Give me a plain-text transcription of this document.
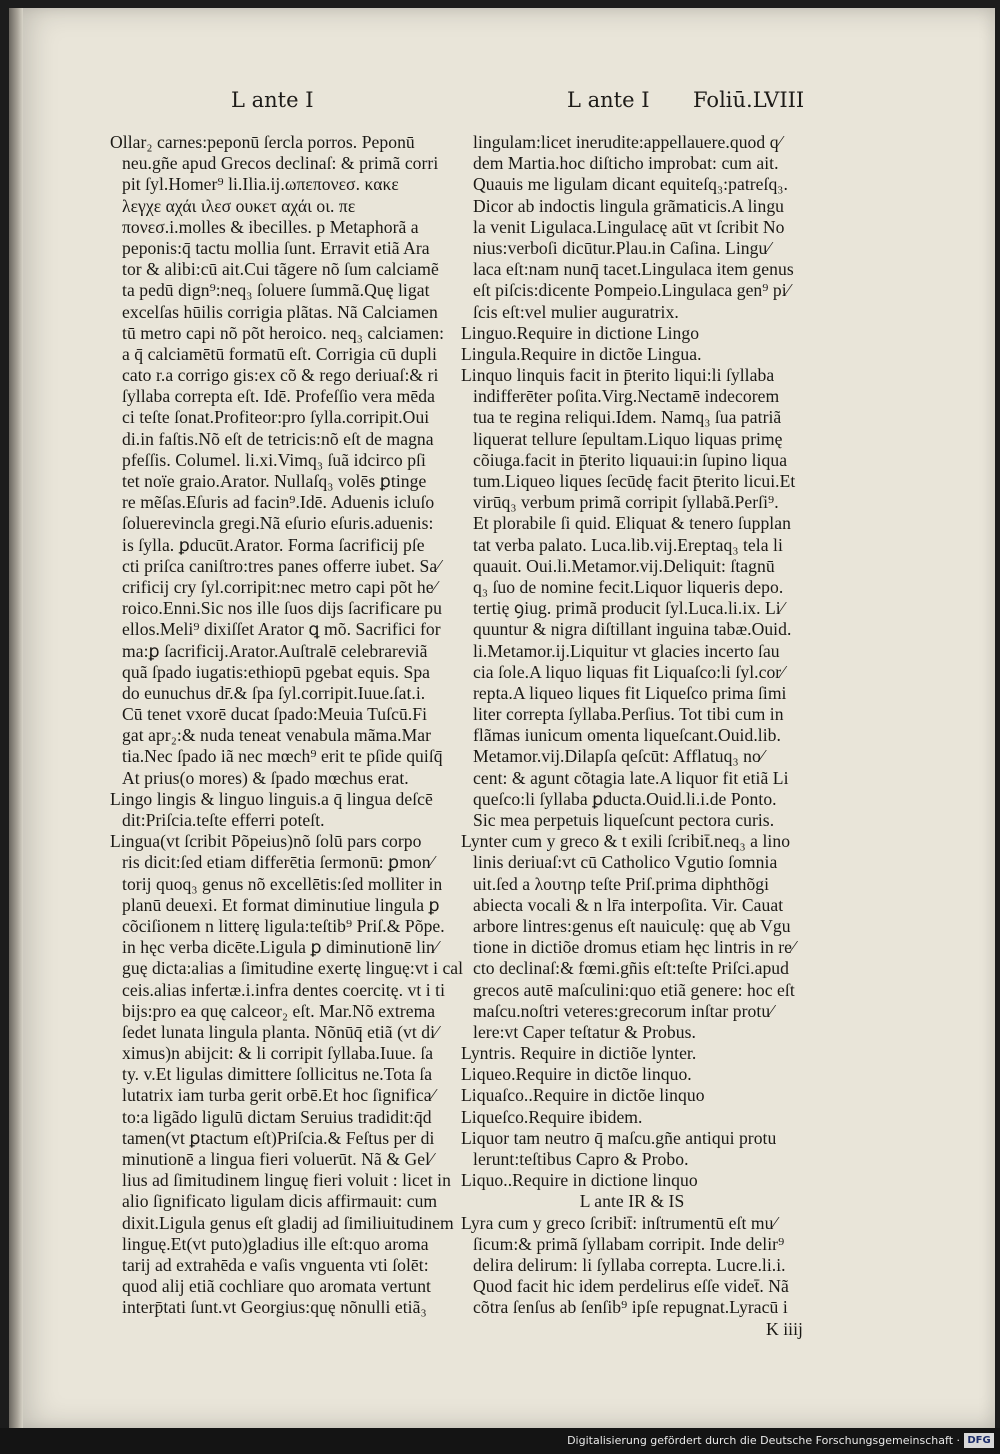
L ante I	L ante I Foliū.LVIII
Ollar₂ carnes:peponū ſercla porros. Peponū
neu.gñe apud Grecos declinaſ: & primã corri
pit ſyl.Homer⁹ li.Ilia.ij.ωπεπονεσ. κακε
λεγχε αχάι ιλεσ ουκετ αχάι οι. πε
πονεσ.i.molles & ibecilles. p Metaphorã a
peponis:q̄ tactu mollia ſunt. Erravit etiã Ara
tor & alibi:cū ait.Cui tãgere nõ ſum calciamẽ
ta pedū dign⁹:neq₃ ſoluere ſummã.Quę ligat
excelſas hūilis corrigia plãtas. Nã Calciamen
tū metro capi nõ põt heroico. neq₃ calciamen:
a q̄ calciamētū formatū eſt. Corrigia cū dupli
cato r.a corrigo gis:ex cõ & rego deriuaſ:& ri
ſyllaba correpta eſt. Idē. Profeſſio vera mēda
ci teſte ſonat.Profiteor:pro ſylla.corripit.Oui
di.in faſtis.Nõ eſt de tetricis:nõ eſt de magna
pfeſſis. Columel. li.xi.Vimq₃ ſuã idcirco pſi
tet noïe graio.Arator. Nullaſq₃ volēs ꝑtinge
re mẽſas.Eſuris ad facin⁹.Idē. Aduenis icluſo
ſoluerevincla gregi.Nã eſurio eſuris.aduenis:
is ſylla. ꝑducūt.Arator. Forma ſacrificij pſe
cti priſca caniſtro:tres panes offerre iubet. Sa⁄
crificij cry ſyl.corripit:nec metro capi põt he⁄
roico.Enni.Sic nos ille ſuos dijs ſacrificare pu
ellos.Meli⁹ dixiſſet Arator ꝗ mõ. Sacrifici for
ma:ꝑ ſacrificij.Arator.Auſtralē celebrareviã
quã ſpado iugatis:ethiopū pgebat equis. Spa
do eunuchus dr̄.& ſpa ſyl.corripit.Iuue.ſat.i.
Cū tenet vxorē ducat ſpado:Meuia Tuſcū.Fi
gat apr₂:& nuda teneat venabula mãma.Mar
tia.Nec ſpado iã nec mœch⁹ erit te pſide quiſq̄
At prius(o mores) & ſpado mœchus erat.
Lingo lingis & linguo linguis.a q̄ lingua deſcē
dit:Priſcia.teſte efferri poteſt.
Lingua(vt ſcribit Põpeius)nõ ſolū pars corpo
ris dicit:ſed etiam differētia ſermonū: ꝑmon⁄
torij quoq₃ genus nõ excellētis:ſed molliter in
planū deuexi. Et format diminutiue lingula ꝑ
cõciſionem n litterę ligula:teſtib⁹ Priſ.& Põpe.
in hęc verba dicēte.Ligula ꝑ diminutionē lin⁄
guę dicta:alias a ſimitudine exertę linguę:vt i cal
ceis.alias infertæ.i.infra dentes coercitę. vt i ti
bijs:pro ea quę calceor₂ eſt. Mar.Nõ extrema
ſedet lunata lingula planta. Nõnūq̄ etiã (vt di⁄
ximus)n abijcit: & li corripit ſyllaba.Iuue. ſa
ty. v.Et ligulas dimittere ſollicitus ne.Tota ſa
lutatrix iam turba gerit orbē.Et hoc ſignifica⁄
to:a ligãdo ligulū dictam Seruius tradidit:q̄d
tamen(vt ꝑtactum eſt)Priſcia.& Feſtus per di
minutionē a lingua fieri voluerūt. Nã & Gel⁄
lius ad ſimitudinem linguę fieri voluit : licet in
alio ſignificato ligulam dicis affirmauit: cum
dixit.Ligula genus eſt gladij ad ſimiliuitudinem
linguę.Et(vt puto)gladius ille eſt:quo aroma
tarij ad extrahēda e vaſis vnguenta vti ſolēt:
quod alij etiã cochliare quo aromata vertunt
interp̄tati ſunt.vt Georgius:quę nõnulli etiã₃
lingulam:licet inerudite:appellauere.quod q⁄
dem Martia.hoc diſticho improbat: cum ait.
Quauis me ligulam dicant equiteſq₃:patreſq₃.
Dicor ab indoctis lingula grãmaticis.A lingu
la venit Ligulaca.Lingulacę aūt vt ſcribit No
nius:verboſi dicūtur.Plau.in Caſina. Lingu⁄
laca eſt:nam nunq̄ tacet.Lingulaca item genus
eſt piſcis:dicente Pompeio.Lingulaca gen⁹ pi⁄
ſcis eſt:vel mulier auguratrix.
Linguo.Require in dictione Lingo
Lingula.Require in dictõe Lingua.
Linquo linquis facit in p̄terito liqui:li ſyllaba
indifferēter poſita.Virg.Nectamē indecorem
tua te regina reliqui.Idem. Namq₃ ſua patriã
liquerat tellure ſepultam.Liquo liquas primę
cõiuga.facit in p̄terito liquaui:in ſupino liqua
tum.Liqueo liques ſecūdę facit p̄terito licui.Et
virūq₃ verbum primã corripit ſyllabã.Perſi⁹.
Et plorabile ſi quid. Eliquat & tenero ſupplan
tat verba palato. Luca.lib.vij.Ereptaq₃ tela li
quauit. Oui.li.Metamor.vij.Deliquit: ſtagnū
q₃ ſuo de nomine fecit.Liquor liqueris depo.
tertię ꝯiug. primã producit ſyl.Luca.li.ix. Li⁄
quuntur & nigra diſtillant inguina tabæ.Ouid.
li.Metamor.ij.Liquitur vt glacies incerto ſau
cia ſole.A liquo liquas fit Liquaſco:li ſyl.cor⁄
repta.A liqueo liques fit Liqueſco prima ſimi
liter correpta ſyllaba.Perſius. Tot tibi cum in
flãmas iunicum omenta liqueſcant.Ouid.lib.
Metamor.vij.Dilapſa qeſcūt: Afflatuq₃ no⁄
cent: & agunt cõtagia late.A liquor fit etiã Li
queſco:li ſyllaba ꝑducta.Ouid.li.i.de Ponto.
Sic mea perpetuis liqueſcunt pectora curis.
Lynter cum y greco & t exili ſcribit̄.neq₃ a lino
linis deriuaſ:vt cū Catholico Vgutio ſomnia
uit.ſed a λουτηρ teſte Priſ.prima diphthõgi
abiecta vocali & n lr̄a interpoſita. Vir. Cauat
arbore lintres:genus eſt nauiculę: quę ab Vgu
tione in dictiõe dromus etiam hęc lintris in re⁄
cto declinaſ:& fœmi.gñis eſt:teſte Priſci.apud
grecos autē maſculini:quo etiã genere: hoc eſt
maſcu.noſtri veteres:grecorum inſtar protu⁄
lere:vt Caper teſtatur & Probus.
Lyntris. Require in dictiõe lynter.
Liqueo.Require in dictõe linquo.
Liquaſco..Require in dictõe linquo
Liqueſco.Require ibidem.
Liquor tam neutro q̄ maſcu.gñe antiqui protu
lerunt:teſtibus Capro & Probo.
Liquo..Require in dictione linquo
L ante IR & IS
Lyra cum y greco ſcribit̄: inſtrumentū eſt mu⁄
ſicum:& primã ſyllabam corripit. Inde delir⁹
delira delirum: li ſyllaba correpta. Lucre.li.i.
Quod facit hic idem perdelirus eſſe videt̄. Nã
cõtra ſenſus ab ſenſib⁹ ipſe repugnat.Lyracū i
K iiij
Digitalisierung gefördert durch die Deutsche Forschungsgemeinschaft · DFG
